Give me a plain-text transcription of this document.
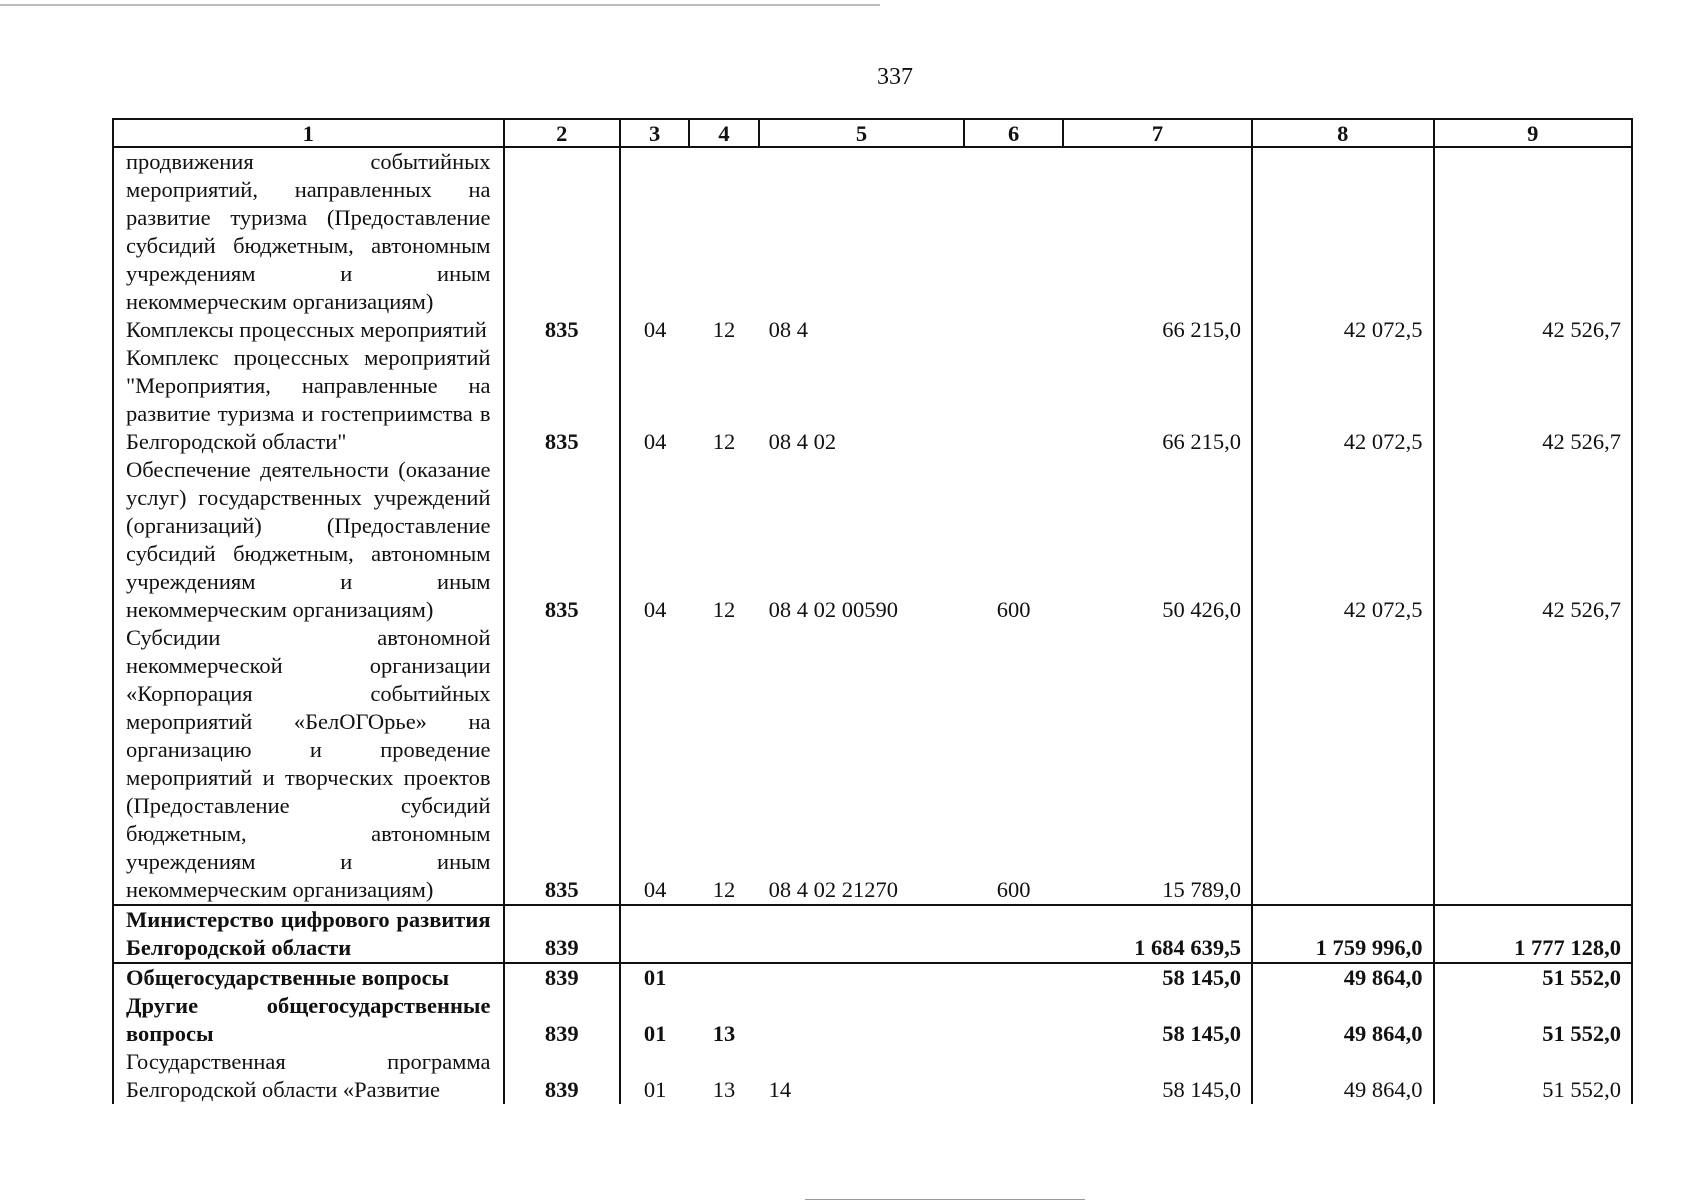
337
1	2	3	4	5	6	7	8	9
продвижения событийных мероприятий, направленных на развитие туризма (Предоставление субсидий бюджетным, автономным учреждениям и иным некоммерческим организациям)								
Комплексы процессных мероприятий	835	04	12	08 4		66 215,0	42 072,5	42 526,7
Комплекс процессных мероприятий "Мероприятия, направленные на развитие туризма и гостеприимства в Белгородской области"	835	04	12	08 4 02		66 215,0	42 072,5	42 526,7
Обеспечение деятельности (оказание услуг) государственных учреждений (организаций) (Предоставление субсидий бюджетным, автономным учреждениям и иным некоммерческим организациям)	835	04	12	08 4 02 00590	600	50 426,0	42 072,5	42 526,7
Субсидии автономной некоммерческой организации «Корпорация событийных мероприятий «БелОГОрье» на организацию и проведение мероприятий и творческих проектов (Предоставление субсидий бюджетным, автономным учреждениям и иным некоммерческим организациям)	835	04	12	08 4 02 21270	600	15 789,0		
Министерство цифрового развития Белгородской области	839					1 684 639,5	1 759 996,0	1 777 128,0
Общегосударственные вопросы	839	01				58 145,0	49 864,0	51 552,0
Другие общегосударственные вопросы	839	01	13			58 145,0	49 864,0	51 552,0
Государственная программа Белгородской области «Развитие	839	01	13	14		58 145,0	49 864,0	51 552,0
